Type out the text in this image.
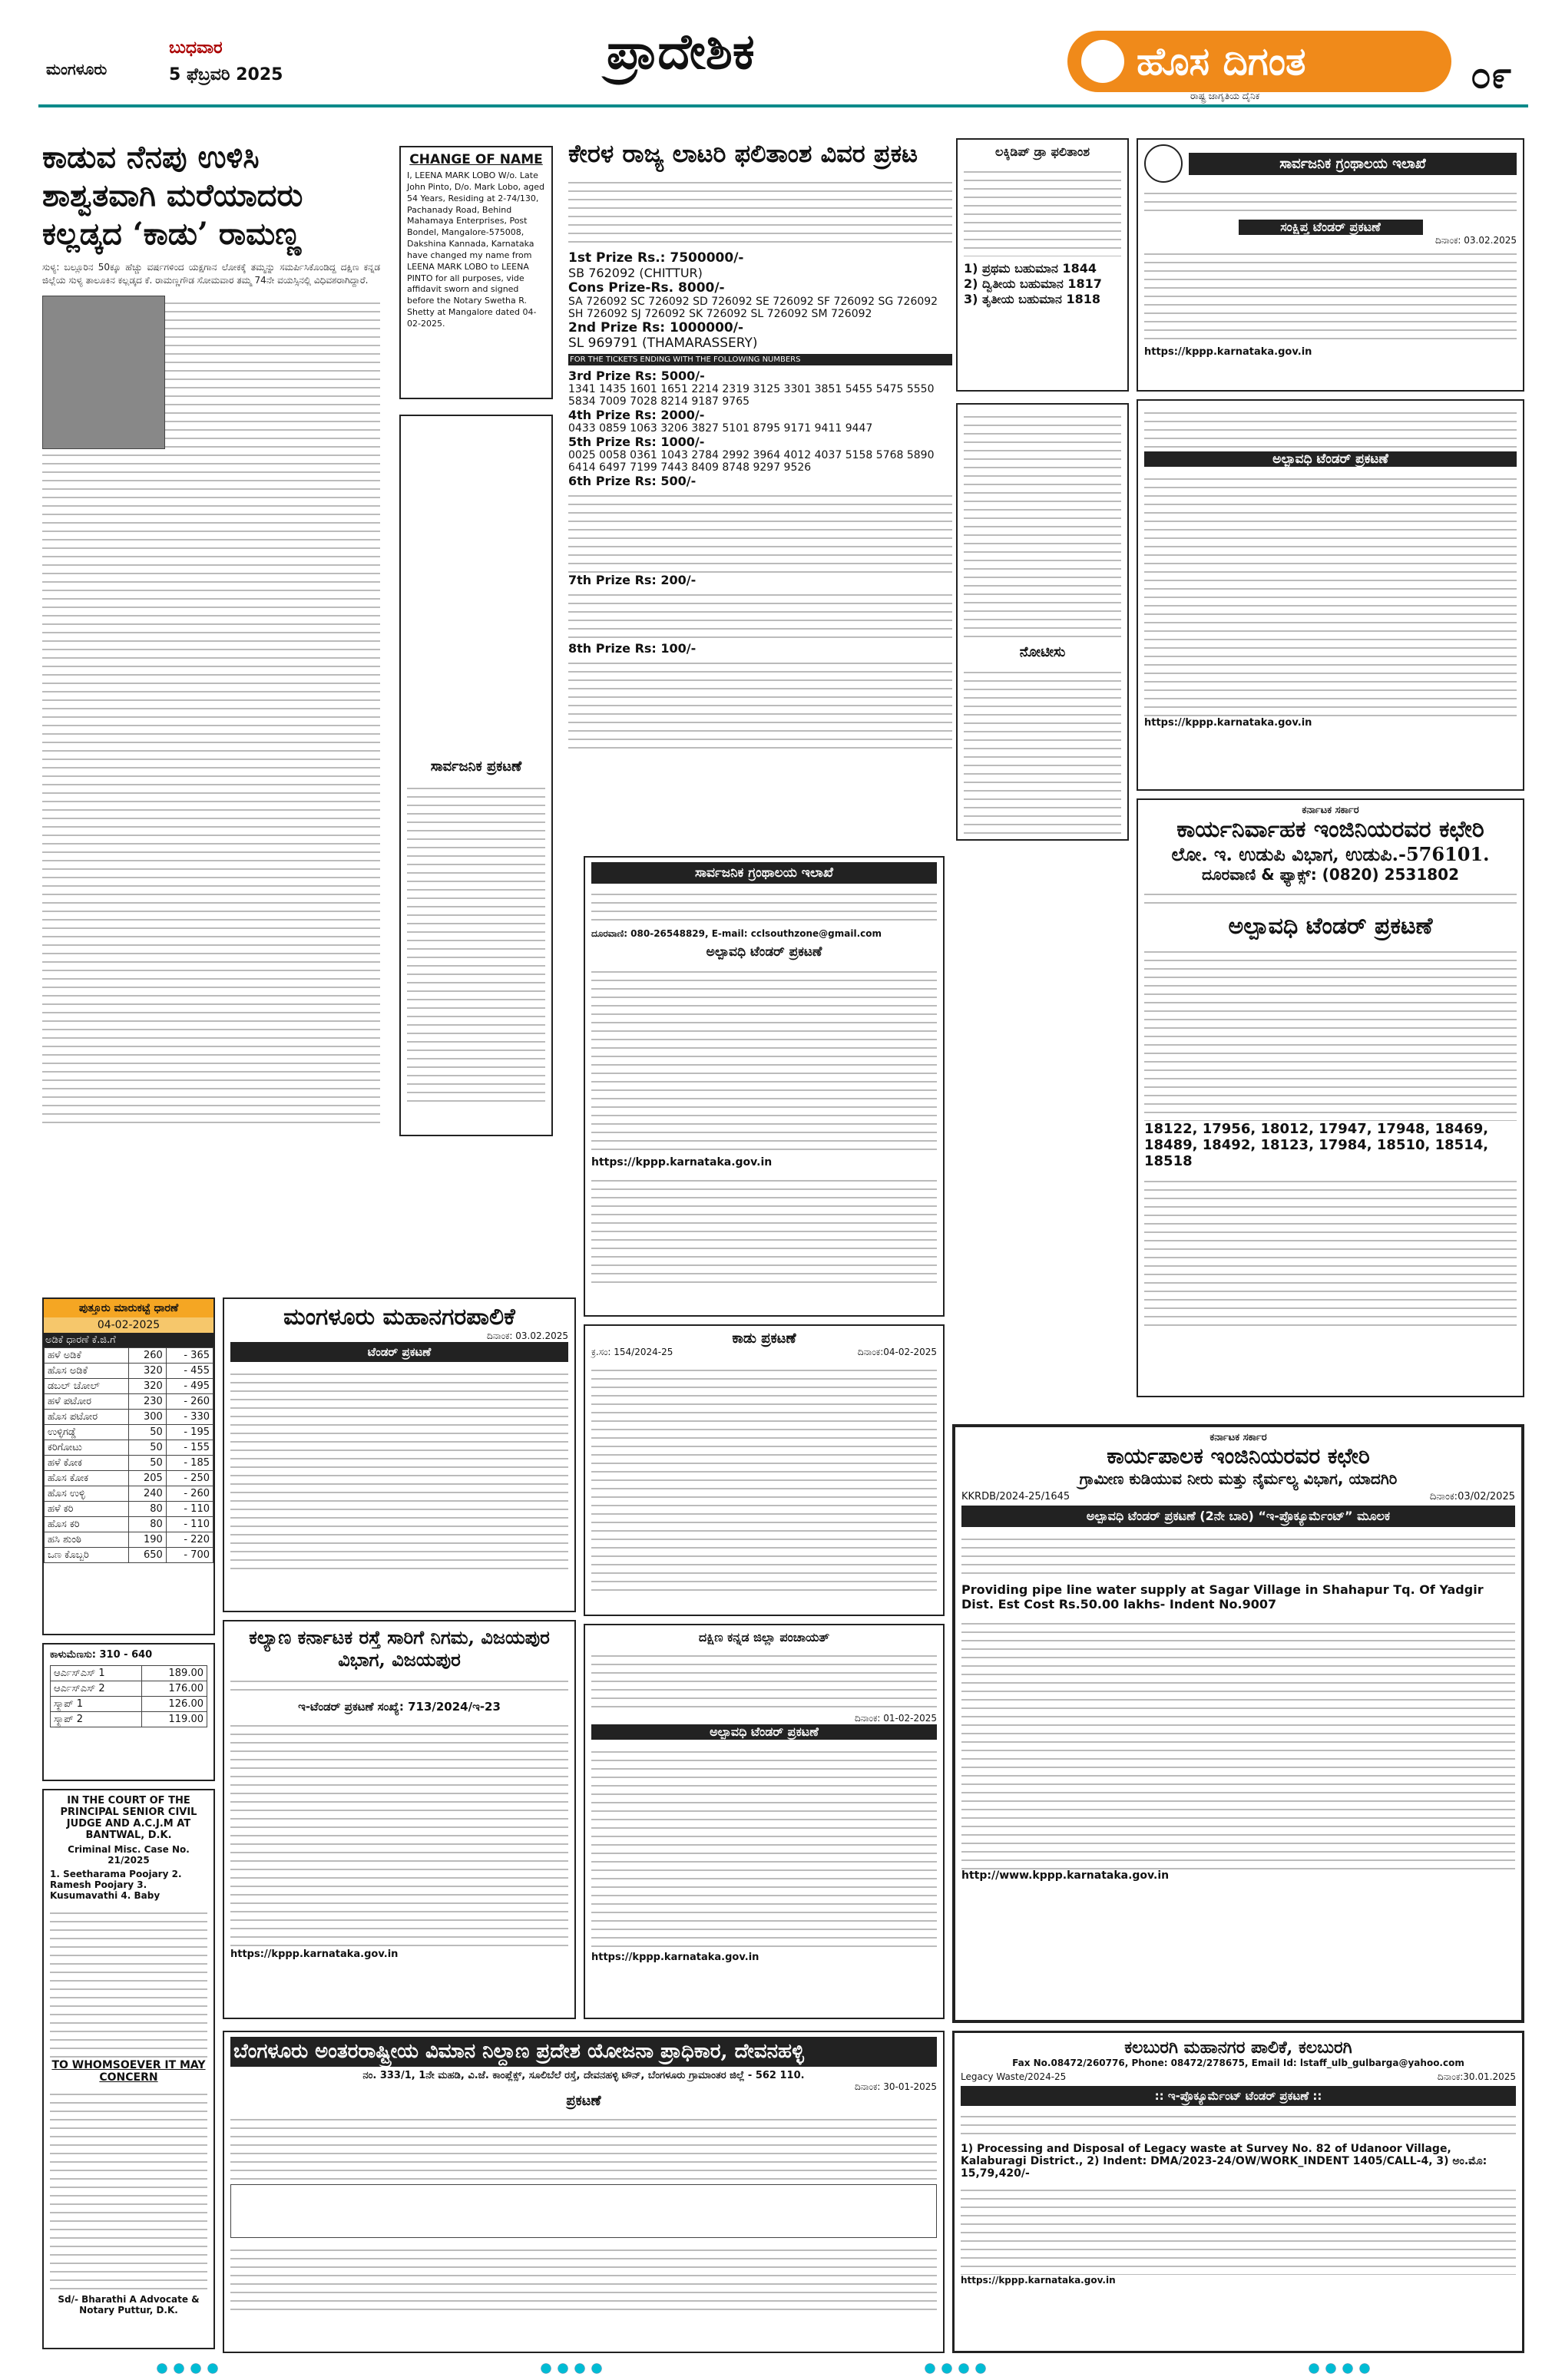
ಮಂಗಳೂರು
ಬುಧವಾರ
5 ಫೆಬ್ರವರಿ 2025	ಪ್ರಾದೇಶಿಕ	ಹೊಸ ದಿಗಂತ
ರಾಷ್ಟ್ರ ಜಾಗೃತಿಯ ದೈನಿಕ	೦೯
ಕಾಡುವ ನೆನಪು ಉಳಿಸಿ ಶಾಶ್ವತವಾಗಿ ಮರೆಯಾದರು ಕಲ್ಲಡ್ಕದ ‘ಕಾಡು’ ರಾಮಣ್ಣ
ಸುಳ್ಯ: ಬಲ್ಲೂರಿನ 50ಕ್ಕೂ ಹೆಚ್ಚು ವರ್ಷಗಳಿಂದ ಯಕ್ಷಗಾನ ಲೋಕಕ್ಕೆ ತಮ್ಮನ್ನು ಸಮರ್ಪಿಸಿಕೊಂಡಿದ್ದ ದಕ್ಷಿಣ ಕನ್ನಡ ಜಿಲ್ಲೆಯ ಸುಳ್ಯ ತಾಲೂಕಿನ ಕಲ್ಲಡ್ಕದ ಕೆ. ರಾಮಣ್ಣಗೌಡ ಸೋಮವಾರ ತಮ್ಮ 74ನೇ ವಯಸ್ಸಿನಲ್ಲಿ ವಿಧಿವಶರಾಗಿದ್ದಾರೆ.
CHANGE OF NAME
I, LEENA MARK LOBO W/o. Late John Pinto, D/o. Mark Lobo, aged 54 Years, Residing at 2-74/130, Pachanady Road, Behind Mahamaya Enterprises, Post Bondel, Mangalore-575008, Dakshina Kannada, Karnataka have changed my name from LEENA MARK LOBO to LEENA PINTO for all purposes, vide affidavit sworn and signed before the Notary Swetha R. Shetty at Mangalore dated 04-02-2025.
ಸಾರ್ವಜನಿಕ ಪ್ರಕಟಣೆ
ಕೇರಳ ರಾಜ್ಯ ಲಾಟರಿ ಫಲಿತಾಂಶ ವಿವರ ಪ್ರಕಟ
1st Prize Rs.: 7500000/-
SB 762092 (CHITTUR)
Cons Prize-Rs. 8000/-
SA 726092 SC 726092 SD 726092 SE 726092 SF 726092 SG 726092 SH 726092 SJ 726092 SK 726092 SL 726092 SM 726092
2nd Prize Rs: 1000000/-
SL 969791 (THAMARASSERY)
FOR THE TICKETS ENDING WITH THE FOLLOWING NUMBERS
3rd Prize Rs: 5000/-
1341 1435 1601 1651 2214 2319 3125 3301 3851 5455 5475 5550 5834 7009 7028 8214 9187 9765
4th Prize Rs: 2000/-
0433 0859 1063 3206 3827 5101 8795 9171 9411 9447
5th Prize Rs: 1000/-
0025 0058 0361 1043 2784 2992 3964 4012 4037 5158 5768 5890 6414 6497 7199 7443 8409 8748 9297 9526
6th Prize Rs: 500/-
7th Prize Rs: 200/-
8th Prize Rs: 100/-
ಲಕ್ಕಿಡಿಪ್ ಡ್ರಾ ಫಲಿತಾಂಶ
1) ಪ್ರಥಮ ಬಹುಮಾನ 1844
2) ದ್ವಿತೀಯ ಬಹುಮಾನ 1817
3) ತೃತೀಯ ಬಹುಮಾನ 1818
ನೋಟೀಸು
ಸಾರ್ವಜನಿಕ ಗ್ರಂಥಾಲಯ ಇಲಾಖೆ
ಸಂಕ್ಷಿಪ್ತ ಟೆಂಡರ್ ಪ್ರಕಟಣೆ
ದಿನಾಂಕ: 03.02.2025
https://kppp.karnataka.gov.in
ಅಲ್ಪಾವಧಿ ಟೆಂಡರ್ ಪ್ರಕಟಣೆ
https://kppp.karnataka.gov.in
ಕರ್ನಾಟಕ ಸರ್ಕಾರ
ಕಾರ್ಯನಿರ್ವಾಹಕ ಇಂಜಿನಿಯರವರ ಕಛೇರಿ
ಲೋ. ಇ. ಉಡುಪಿ ವಿಭಾಗ, ಉಡುಪಿ.-576101.
ದೂರವಾಣಿ & ಫ್ಯಾಕ್ಸ್: (0820) 2531802
ಅಲ್ಪಾವಧಿ ಟೆಂಡರ್ ಪ್ರಕಟಣೆ
18122, 17956, 18012, 17947, 17948, 18469, 18489, 18492, 18123, 17984, 18510, 18514, 18518
ಸಾರ್ವಜನಿಕ ಗ್ರಂಥಾಲಯ ಇಲಾಖೆ
ದೂರವಾಣಿ: 080-26548829, E-mail: cclsouthzone@gmail.com
ಅಲ್ಪಾವಧಿ ಟೆಂಡರ್ ಪ್ರಕಟಣೆ
https://kppp.karnataka.gov.in
ಕಾಡು ಪ್ರಕಟಣೆ
ಕ್ರ.ಸಂ: 154/2024-25	ದಿನಾಂಕ:04-02-2025
ದಕ್ಷಿಣ ಕನ್ನಡ ಜಿಲ್ಲಾ ಪಂಚಾಯತ್
ದಿನಾಂಕ: 01-02-2025
ಅಲ್ಪಾವಧಿ ಟೆಂಡರ್ ಪ್ರಕಟಣೆ
https://kppp.karnataka.gov.in
ಪುತ್ತೂರು ಮಾರುಕಟ್ಟೆ ಧಾರಣೆ
04-02-2025
ಅಡಿಕೆ ಧಾರಣೆ ಕೆ.ಜಿ.ಗೆ
ಹಳೆ ಅಡಿಕೆ	260	- 365
ಹೊಸ ಅಡಿಕೆ	320	- 455
ಡಬಲ್ ಚೋಲ್	320	- 495
ಹಳೆ ಪಟೋರ	230	- 260
ಹೊಸ ಪಟೋರ	300	- 330
ಉಳ್ಳಿಗಡ್ಡೆ	50	- 195
ಕರಿಗೋಟು	50	- 155
ಹಳೆ ಕೋಕ	50	- 185
ಹೊಸ ಕೋಕ	205	- 250
ಹೊಸ ಉಳ್ಳಿ	240	- 260
ಹಳೆ ಕರಿ	80	- 110
ಹೊಸ ಕರಿ	80	- 110
ಹಸಿ ಶುಂಠಿ	190	- 220
ಒಣ ಕೊಬ್ಬರಿ	650	- 700
ಕಾಳುಮೆಣಸು: 310 - 640
ಆರ್ಎಸ್ಎಸ್ 1	189.00
ಆರ್ಎಸ್ಎಸ್ 2	176.00
ಸ್ಕ್ರಾಪ್ 1	126.00
ಸ್ಕ್ರಾಪ್ 2	119.00
IN THE COURT OF THE PRINCIPAL SENIOR CIVIL JUDGE AND A.C.J.M AT BANTWAL, D.K.
Criminal Misc. Case No. 21/2025
1. Seetharama Poojary 2. Ramesh Poojary 3. Kusumavathi 4. Baby
TO WHOMSOEVER IT MAY CONCERN
Sd/- Bharathi A Advocate & Notary Puttur, D.K.
ಮಂಗಳೂರು ಮಹಾನಗರಪಾಲಿಕೆ
ದಿನಾಂಕ: 03.02.2025
ಟೆಂಡರ್ ಪ್ರಕಟಣೆ
ಕಲ್ಯಾಣ ಕರ್ನಾಟಕ ರಸ್ತೆ ಸಾರಿಗೆ ನಿಗಮ, ವಿಜಯಪುರ ವಿಭಾಗ, ವಿಜಯಪುರ
ಇ-ಟೆಂಡರ್ ಪ್ರಕಟಣೆ ಸಂಖ್ಯೆ: 713/2024/ಇ-23
https://kppp.karnataka.gov.in
ಕರ್ನಾಟಕ ಸರ್ಕಾರ
ಕಾರ್ಯಪಾಲಕ ಇಂಜಿನಿಯರವರ ಕಛೇರಿ
ಗ್ರಾಮೀಣ ಕುಡಿಯುವ ನೀರು ಮತ್ತು ನೈರ್ಮಲ್ಯ ವಿಭಾಗ, ಯಾದಗಿರಿ
KKRDB/2024-25/1645	ದಿನಾಂಕ:03/02/2025
ಅಲ್ಪಾವಧಿ ಟೆಂಡರ್ ಪ್ರಕಟಣೆ (2ನೇ ಬಾರಿ) “ಇ-ಪ್ರೊಕ್ಯೂರ್ಮೆಂಟ್” ಮೂಲಕ
Providing pipe line water supply at Sagar Village in Shahapur Tq. Of Yadgir Dist. Est Cost Rs.50.00 lakhs- Indent No.9007
http://www.kppp.karnataka.gov.in
ಬೆಂಗಳೂರು ಅಂತರರಾಷ್ಟ್ರೀಯ ವಿಮಾನ ನಿಲ್ದಾಣ ಪ್ರದೇಶ ಯೋಜನಾ ಪ್ರಾಧಿಕಾರ, ದೇವನಹಳ್ಳಿ
ನಂ. 333/1, 1ನೇ ಮಹಡಿ, ವಿ.ಜೆ. ಕಾಂಪ್ಲೆಕ್ಸ್, ಸೂಲಿಬೆಲೆ ರಸ್ತೆ, ದೇವನಹಳ್ಳಿ ಟೌನ್, ಬೆಂಗಳೂರು ಗ್ರಾಮಾಂತರ ಜಿಲ್ಲೆ - 562 110.
ದಿನಾಂಕ: 30-01-2025
ಪ್ರಕಟಣೆ
ಕಲಬುರಗಿ ಮಹಾನಗರ ಪಾಲಿಕೆ, ಕಲಬುರಗಿ
Fax No.08472/260776, Phone: 08472/278675, Email Id: lstaff_ulb_gulbarga@yahoo.com
Legacy Waste/2024-25	ದಿನಾಂಕ:30.01.2025
:: ಇ-ಪ್ರೊಕ್ಯೂರ್ಮೆಂಟ್ ಟೆಂಡರ್ ಪ್ರಕಟಣೆ ::
1) Processing and Disposal of Legacy waste at Survey No. 82 of Udanoor Village, Kalaburagi District., 2) Indent: DMA/2023-24/OW/WORK_INDENT 1405/CALL-4, 3) ಅಂ.ಮೊ: 15,79,420/-
https://kppp.karnataka.gov.in
